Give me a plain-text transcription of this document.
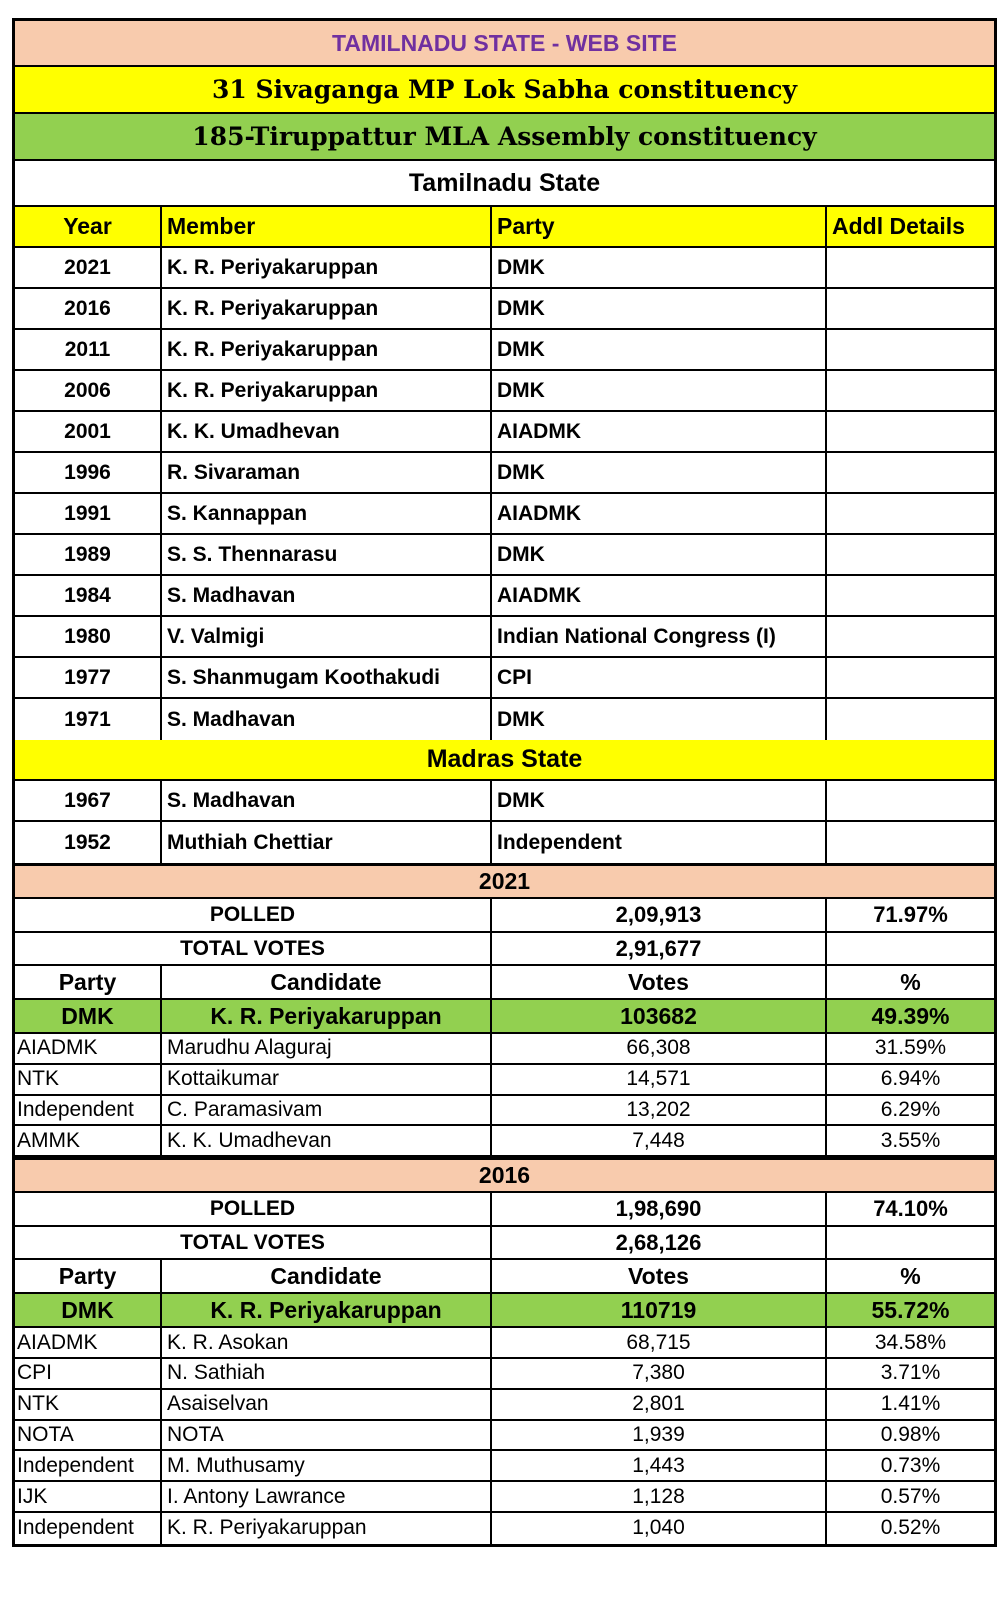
TAMILNADU STATE - WEB SITE
31 Sivaganga MP Lok Sabha constituency
185-Tiruppattur MLA Assembly constituency
Tamilnadu State
Year	Member	Party	Addl Details
2021	K. R. Periyakaruppan	DMK
2016	K. R. Periyakaruppan	DMK
2011	K. R. Periyakaruppan	DMK
2006	K. R. Periyakaruppan	DMK
2001	K. K. Umadhevan	AIADMK
1996	R. Sivaraman	DMK
1991	S. Kannappan	AIADMK
1989	S. S. Thennarasu	DMK
1984	S. Madhavan	AIADMK
1980	V. Valmigi	Indian National Congress (I)
1977	S. Shanmugam Koothakudi	CPI
1971	S. Madhavan	DMK
Madras State
1967	S. Madhavan	DMK
1952	Muthiah Chettiar	Independent
2021
POLLED	2,09,913	71.97%
TOTAL VOTES	2,91,677
Party	Candidate	Votes	%
DMK	K. R. Periyakaruppan	103682	49.39%
AIADMK	Marudhu Alaguraj	66,308	31.59%
NTK	Kottaikumar	14,571	6.94%
Independent	C. Paramasivam	13,202	6.29%
AMMK	K. K. Umadhevan	7,448	3.55%
2016
POLLED	1,98,690	74.10%
TOTAL VOTES	2,68,126
Party	Candidate	Votes	%
DMK	K. R. Periyakaruppan	110719	55.72%
AIADMK	K. R. Asokan	68,715	34.58%
CPI	N. Sathiah	7,380	3.71%
NTK	Asaiselvan	2,801	1.41%
NOTA	NOTA	1,939	0.98%
Independent	M. Muthusamy	1,443	0.73%
IJK	I. Antony Lawrance	1,128	0.57%
Independent	K. R. Periyakaruppan	1,040	0.52%
